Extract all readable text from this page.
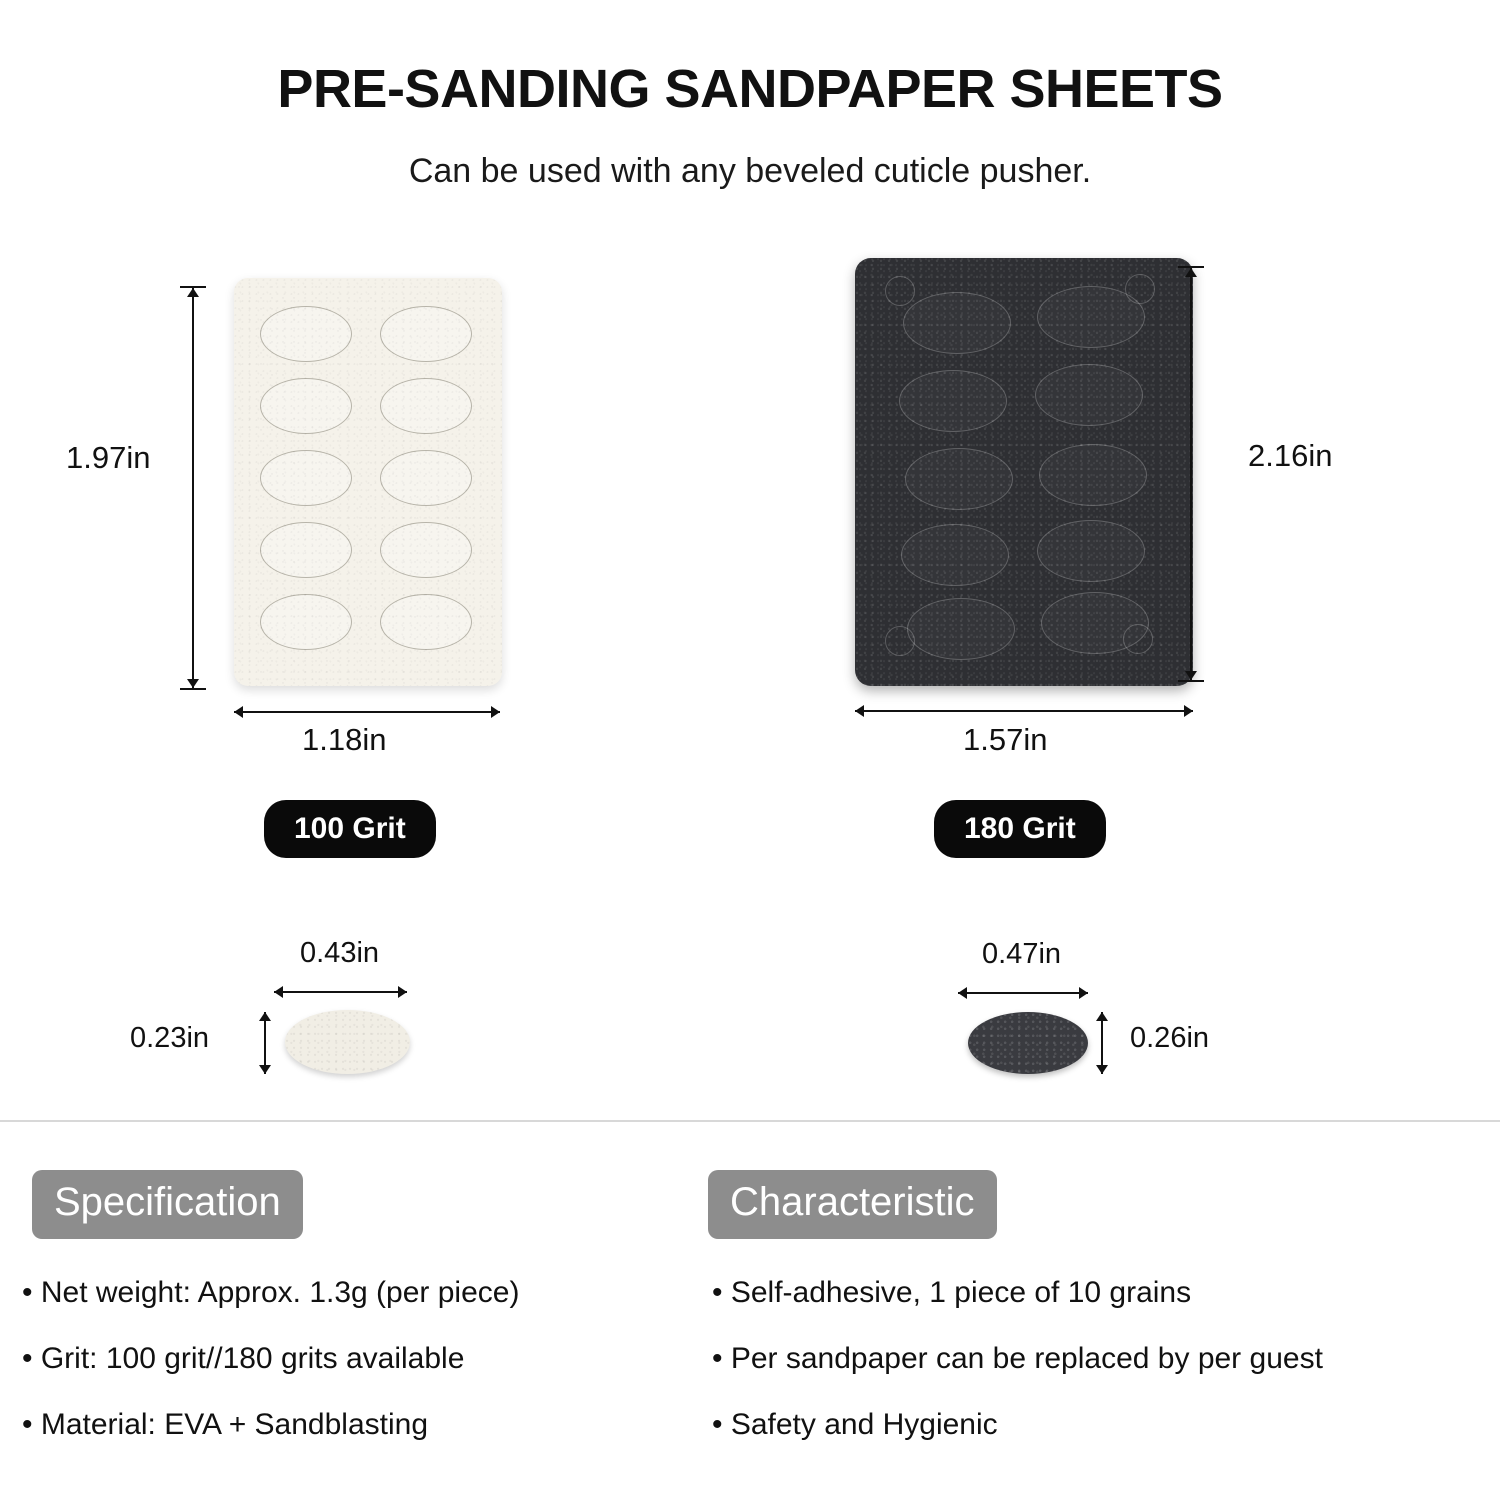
PRE-SANDING SANDPAPER SHEETS
Can be used with any beveled cuticle pusher.
1.97in
1.18in
100 Grit
0.43in
0.23in
2.16in
1.57in
180 Grit
0.47in
0.26in
Specification
• Net weight: Approx. 1.3g (per piece)
• Grit: 100 grit//180 grits available
• Material: EVA + Sandblasting
Characteristic
• Self-adhesive, 1 piece of 10 grains
• Per sandpaper can be replaced by per guest
• Safety and Hygienic
